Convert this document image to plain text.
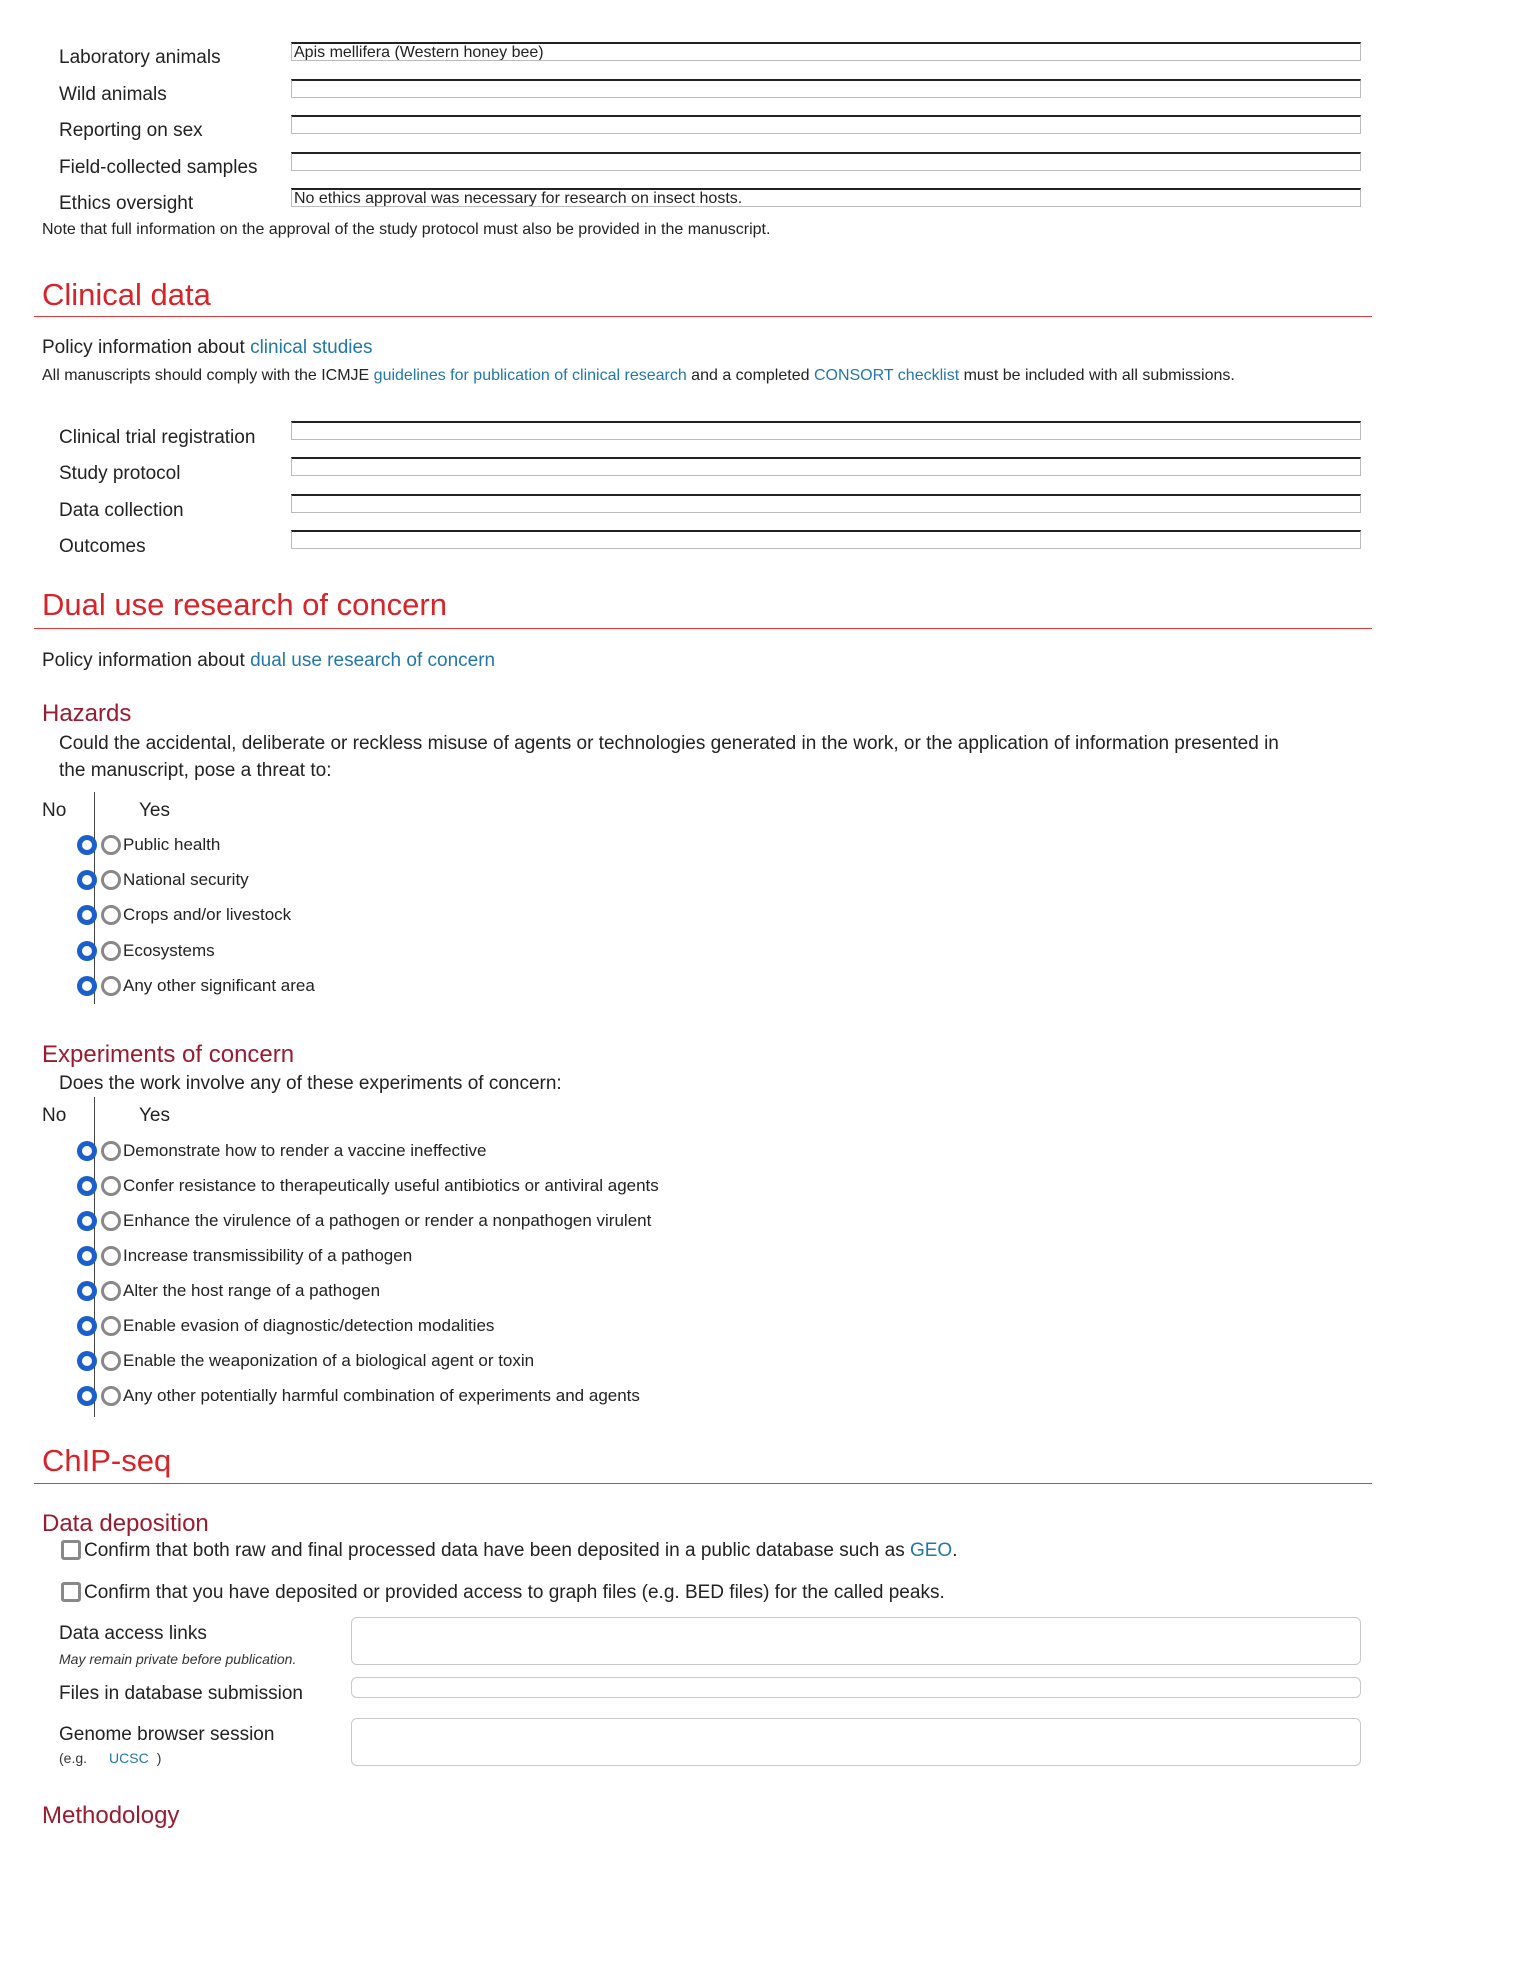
Laboratory animals	Apis mellifera (Western honey bee)
Wild animals
Reporting on sex
Field-collected samples
Ethics oversight	No ethics approval was necessary for research on insect hosts.
Note that full information on the approval of the study protocol must also be provided in the manuscript.
Clinical data
Policy information about clinical studies
All manuscripts should comply with the ICMJE guidelines for publication of clinical research and a completed CONSORT checklist must be included with all submissions.
Clinical trial registration
Study protocol
Data collection
Outcomes
Dual use research of concern
Policy information about dual use research of concern
Hazards
Could the accidental, deliberate or reckless misuse of agents or technologies generated in the work, or the application of information presented in
the manuscript, pose a threat to:
No	Yes
Public health
National security
Crops and/or livestock
Ecosystems
Any other significant area
Experiments of concern
Does the work involve any of these experiments of concern:
No	Yes
Demonstrate how to render a vaccine ineffective
Confer resistance to therapeutically useful antibiotics or antiviral agents
Enhance the virulence of a pathogen or render a nonpathogen virulent
Increase transmissibility of a pathogen
Alter the host range of a pathogen
Enable evasion of diagnostic/detection modalities
Enable the weaponization of a biological agent or toxin
Any other potentially harmful combination of experiments and agents
ChIP-seq
Data deposition
Confirm that both raw and final processed data have been deposited in a public database such as GEO.
Confirm that you have deposited or provided access to graph files (e.g. BED files) for the called peaks.
Data access links
May remain private before publication.
Files in database submission
Genome browser session
(e.g. UCSC )
Methodology
